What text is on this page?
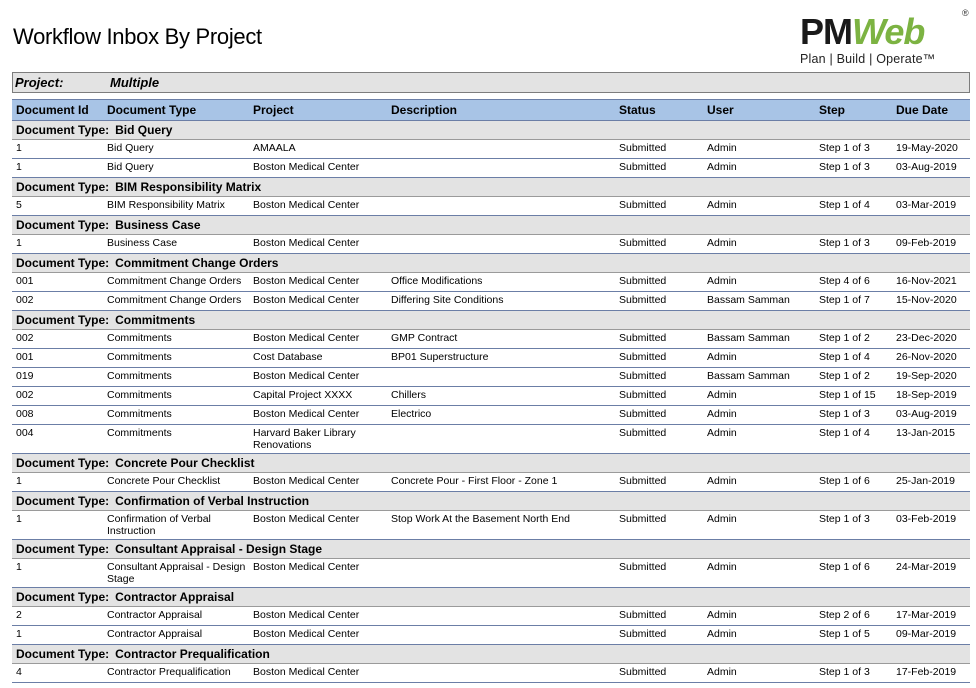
Workflow Inbox By Project	PMWeb	®
Plan | Build | Operate™
Project:	Multiple
Document Id	Document Type	Project	Description	Status	User	Step	Due Date
Document Type: Bid Query							
1	Bid Query	AMAALA		Submitted	Admin	Step 1 of 3	19-May-2020
1	Bid Query	Boston Medical Center		Submitted	Admin	Step 1 of 3	03-Aug-2019
Document Type: BIM Responsibility Matrix							
5	BIM Responsibility Matrix	Boston Medical Center		Submitted	Admin	Step 1 of 4	03-Mar-2019
Document Type: Business Case							
1	Business Case	Boston Medical Center		Submitted	Admin	Step 1 of 3	09-Feb-2019
Document Type: Commitment Change Orders							
001	Commitment Change Orders	Boston Medical Center	Office Modifications	Submitted	Admin	Step 4 of 6	16-Nov-2021
002	Commitment Change Orders	Boston Medical Center	Differing Site Conditions	Submitted	Bassam Samman	Step 1 of 7	15-Nov-2020
Document Type: Commitments							
002	Commitments	Boston Medical Center	GMP Contract	Submitted	Bassam Samman	Step 1 of 2	23-Dec-2020
001	Commitments	Cost Database	BP01 Superstructure	Submitted	Admin	Step 1 of 4	26-Nov-2020
019	Commitments	Boston Medical Center		Submitted	Bassam Samman	Step 1 of 2	19-Sep-2020
002	Commitments	Capital Project XXXX	Chillers	Submitted	Admin	Step 1 of 15	18-Sep-2019
008	Commitments	Boston Medical Center	Electrico	Submitted	Admin	Step 1 of 3	03-Aug-2019
004	Commitments	Harvard Baker Library Renovations		Submitted	Admin	Step 1 of 4	13-Jan-2015
Document Type: Concrete Pour Checklist							
1	Concrete Pour Checklist	Boston Medical Center	Concrete Pour - First Floor - Zone 1	Submitted	Admin	Step 1 of 6	25-Jan-2019
Document Type: Confirmation of Verbal Instruction							
1	Confirmation of Verbal Instruction	Boston Medical Center	Stop Work At the Basement North End	Submitted	Admin	Step 1 of 3	03-Feb-2019
Document Type: Consultant Appraisal - Design Stage							
1	Consultant Appraisal - Design Stage	Boston Medical Center		Submitted	Admin	Step 1 of 6	24-Mar-2019
Document Type: Contractor Appraisal							
2	Contractor Appraisal	Boston Medical Center		Submitted	Admin	Step 2 of 6	17-Mar-2019
1	Contractor Appraisal	Boston Medical Center		Submitted	Admin	Step 1 of 5	09-Mar-2019
Document Type: Contractor Prequalification							
4	Contractor Prequalification	Boston Medical Center		Submitted	Admin	Step 1 of 3	17-Feb-2019
